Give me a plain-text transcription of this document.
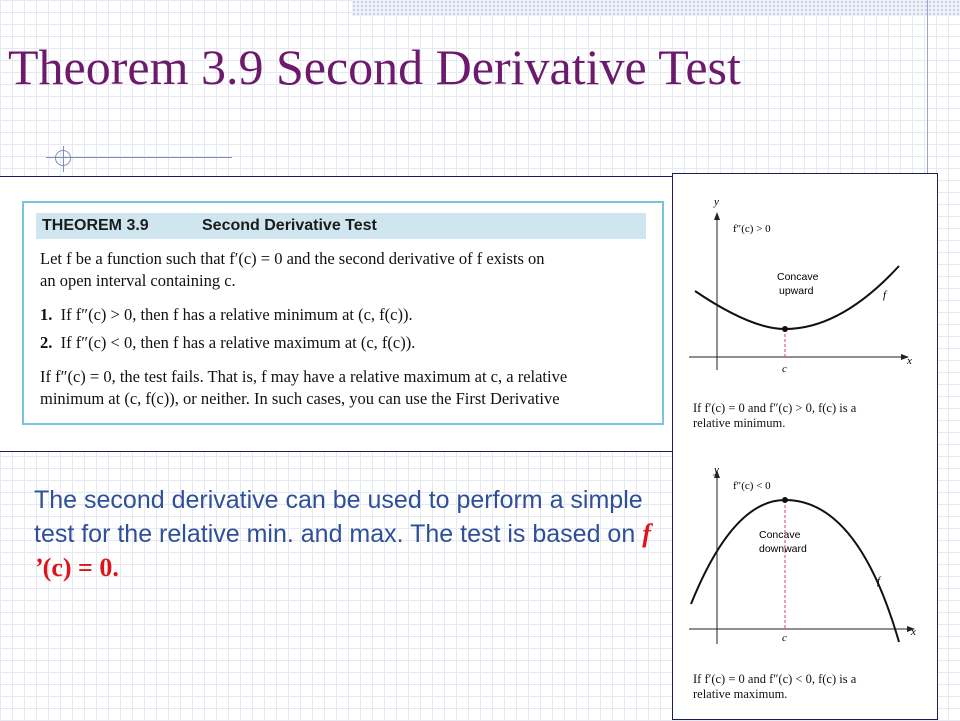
Theorem 3.9 Second Derivative Test
THEOREM 3.9	Second Derivative Test
Let f be a function such that f′(c) = 0 and the second derivative of f exists on
an open interval containing c.
1. If f″(c) > 0, then f has a relative minimum at (c, f(c)).
2. If f″(c) < 0, then f has a relative maximum at (c, f(c)).
If f″(c) = 0, the test fails. That is, f may have a relative maximum at c, a relative
minimum at (c, f(c)), or neither. In such cases, you can use the First Derivative
y
x
f″(c) > 0
Concave
upward	f
c
y
x
f″(c) < 0
Concave
downward
f
c
If f′(c) = 0 and f″(c) > 0, f(c) is a
relative minimum.
If f′(c) = 0 and f″(c) < 0, f(c) is a
relative maximum.

The second derivative can be used to perform a simple test for the relative min. and max. The test is based on f ’(c) = 0.
